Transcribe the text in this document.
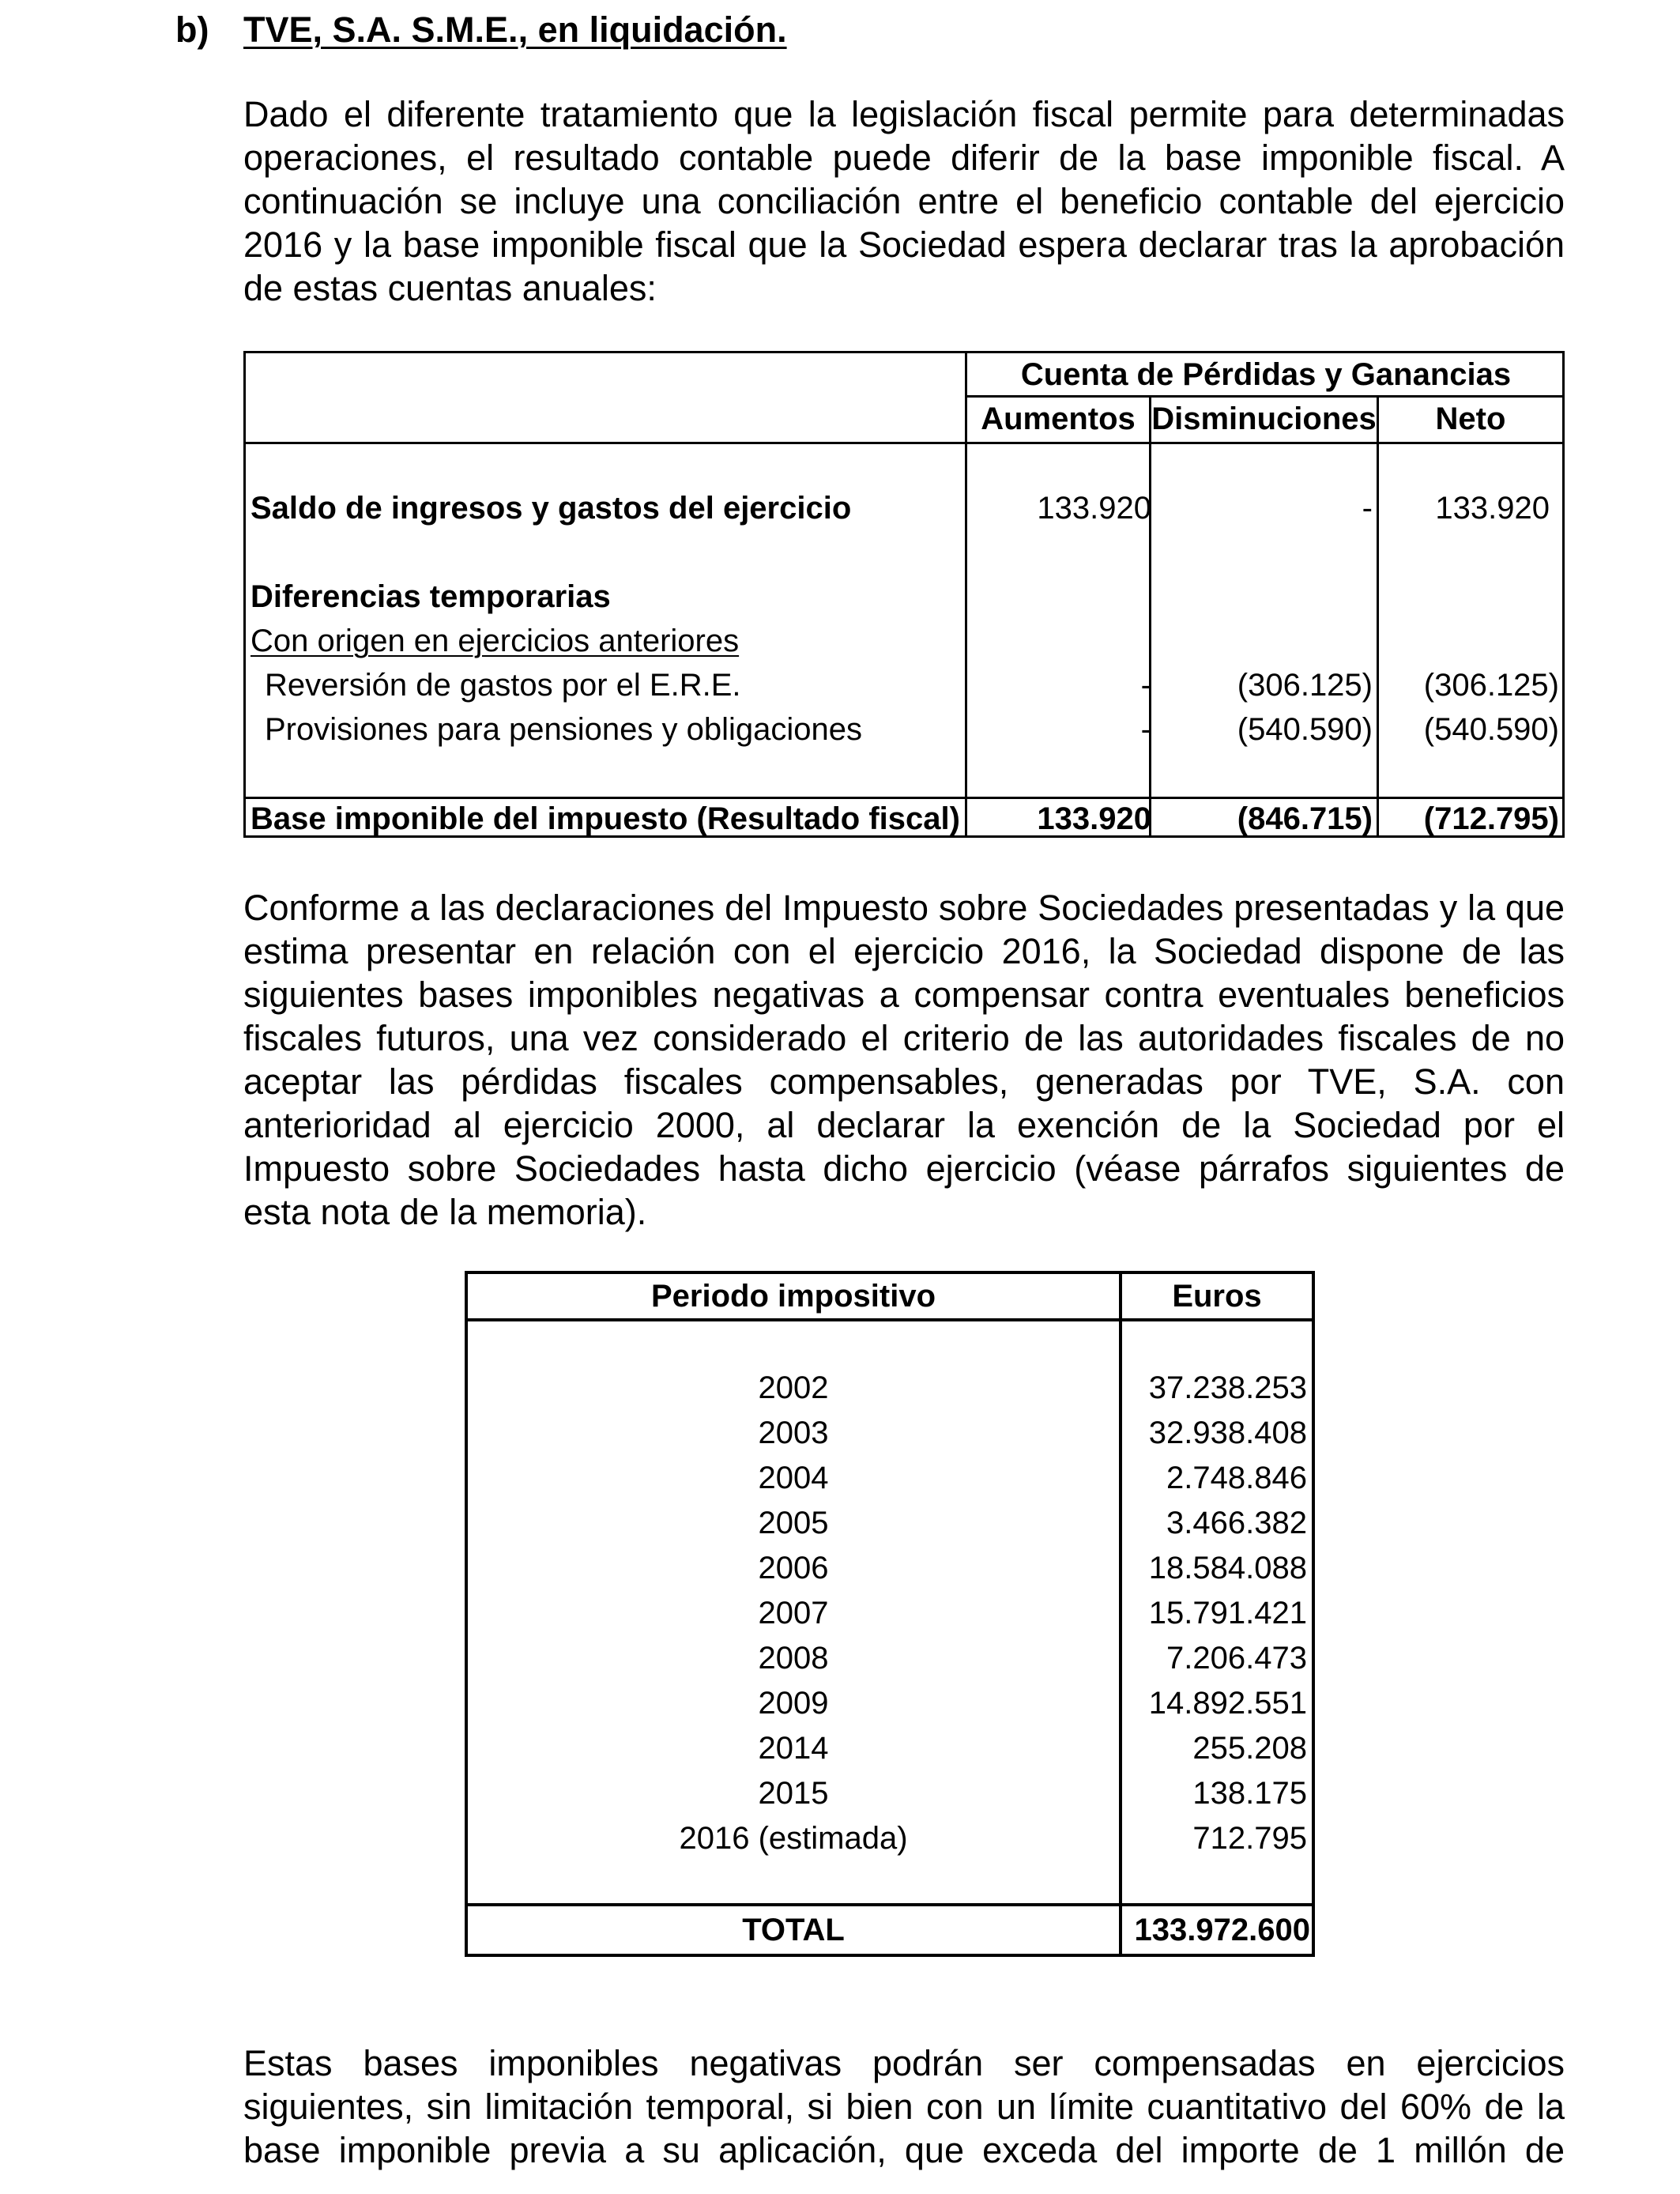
b) TVE, S.A. S.M.E., en liquidación.
Dado el diferente tratamiento que la legislación fiscal permite para determinadas operaciones, el resultado contable puede diferir de la base imponible fiscal. A continuación se incluye una conciliación entre el beneficio contable del ejercicio 2016 y la base imponible fiscal que la Sociedad espera declarar tras la aprobación de estas cuentas anuales:
Cuenta de Pérdidas y Ganancias
Aumentos Disminuciones	Neto
Saldo de ingresos y gastos del ejercicio	133.920	- 133.920
Diferencias temporarias
Con origen en ejercicios anteriores
Reversión de gastos por el E.R.E.	-	(306.125) (306.125)
Provisiones para pensiones y obligaciones	-	(540.590) (540.590)
Base imponible del impuesto (Resultado fiscal) 133.920	(846.715) (712.795)
Conforme a las declaraciones del Impuesto sobre Sociedades presentadas y la que estima presentar en relación con el ejercicio 2016, la Sociedad dispone de las siguientes bases imponibles negativas a compensar contra eventuales beneficios fiscales futuros, una vez considerado el criterio de las autoridades fiscales de no aceptar las pérdidas fiscales compensables, generadas por TVE, S.A. con anterioridad al ejercicio 2000, al declarar la exención de la Sociedad por el Impuesto sobre Sociedades hasta dicho ejercicio (véase párrafos siguientes de esta nota de la memoria).
Periodo impositivo	Euros
2002	37.238.253
2003	32.938.408
2004	2.748.846
2005	3.466.382
2006	18.584.088
2007	15.791.421
2008	7.206.473
2009	14.892.551
2014	255.208
2015	138.175
2016 (estimada)	712.795
TOTAL	133.972.600
Estas bases imponibles negativas podrán ser compensadas en ejercicios siguientes, sin limitación temporal, si bien con un límite cuantitativo del 60% de la base imponible previa a su aplicación, que exceda del importe de 1 millón de
